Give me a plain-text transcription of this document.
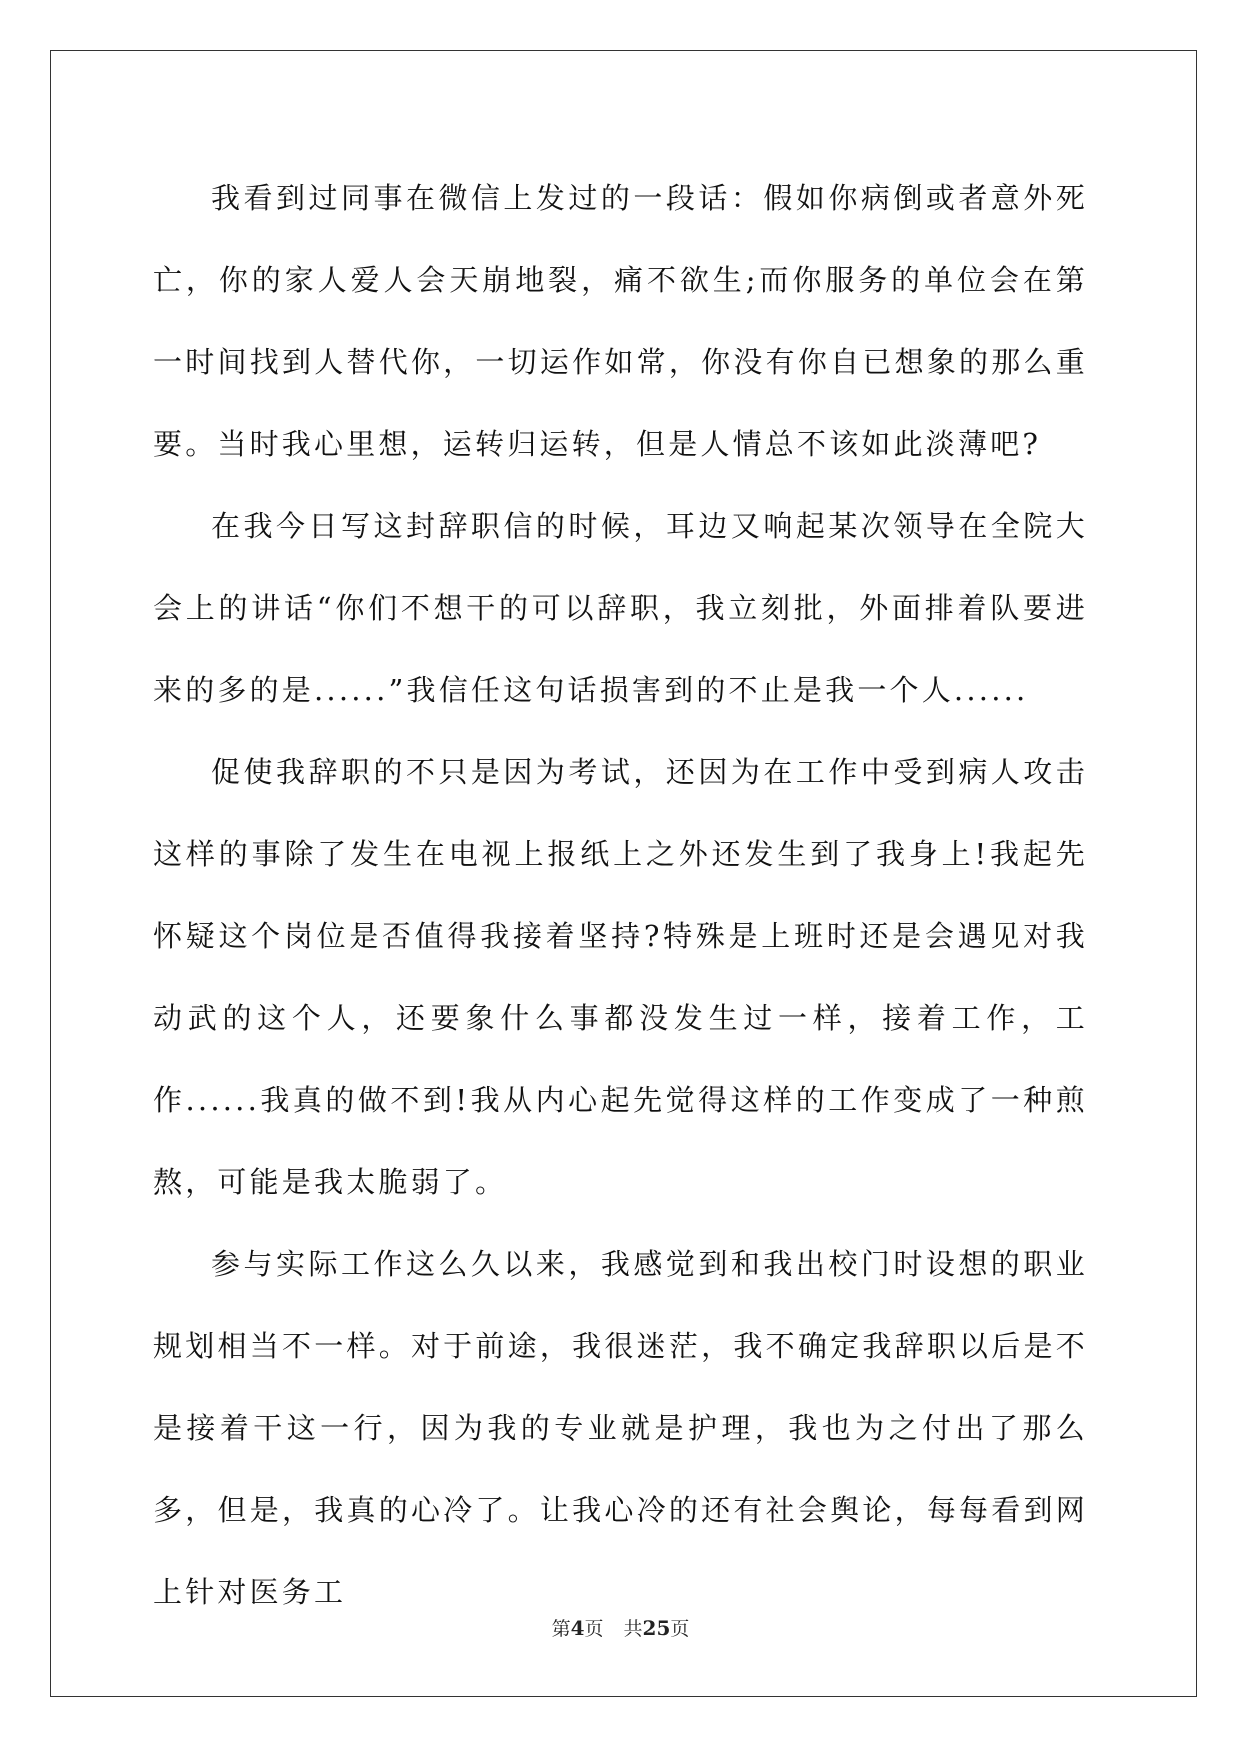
我看到过同事在微信上发过的一段话：假如你病倒或者意外死亡，你的家人爱人会天崩地裂，痛不欲生;而你服务的单位会在第一时间找到人替代你，一切运作如常，你没有你自已想象的那么重要。当时我心里想，运转归运转，但是人情总不该如此淡薄吧?

在我今日写这封辞职信的时候，耳边又响起某次领导在全院大会上的讲话“你们不想干的可以辞职，我立刻批，外面排着队要进来的多的是......”我信任这句话损害到的不止是我一个人......

促使我辞职的不只是因为考试，还因为在工作中受到病人攻击这样的事除了发生在电视上报纸上之外还发生到了我身上!我起先怀疑这个岗位是否值得我接着坚持?特殊是上班时还是会遇见对我动武的这个人，还要象什么事都没发生过一样，接着工作，工作......我真的做不到!我从内心起先觉得这样的工作变成了一种煎熬，可能是我太脆弱了。

参与实际工作这么久以来，我感觉到和我出校门时设想的职业规划相当不一样。对于前途，我很迷茫，我不确定我辞职以后是不是接着干这一行，因为我的专业就是护理，我也为之付出了那么多，但是，我真的心冷了。让我心冷的还有社会舆论，每每看到网上针对医务工

第4页 共25页
